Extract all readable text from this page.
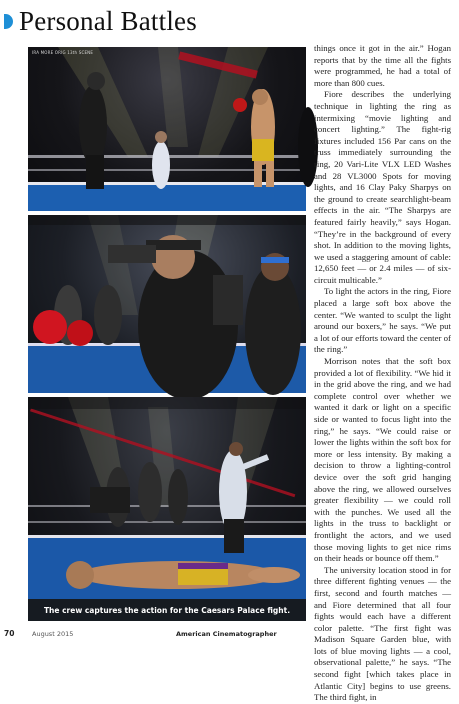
Personal Battles
IRA MORE ORIG 13th SCENE
The crew captures the action for the Caesars Palace fight.

things once it got in the air.” Hogan reports that by the time all the fights were programmed, he had a total of more than 800 cues.

Fiore describes the underlying technique in lighting the ring as intermixing “movie lighting and concert lighting.” The fight-rig fixtures included 156 Par cans on the truss immediately surrounding the ring, 20 Vari-Lite VLX LED Washes and 28 VL3000 Spots for moving lights, and 16 Clay Paky Sharpys on the ground to create searchlight-beam effects in the air. “The Sharpys are featured fairly heavily,” says Hogan. “They’re in the background of every shot. In addition to the moving lights, we used a staggering amount of cable: 12,650 feet — or 2.4 miles — of six-circuit multicable.”

To light the actors in the ring, Fiore placed a large soft box above the center. “We wanted to sculpt the light around our boxers,” he says. “We put a lot of our efforts toward the center of the ring.”

Morrison notes that the soft box provided a lot of flexibility. “We hid it in the grid above the ring, and we had complete control over whether we wanted it dark or light on a specific side or wanted to focus light into the ring,” he says. “We could raise or lower the lights within the soft box for more or less intensity. By making a decision to throw a lighting-control device over the soft grid hanging above the ring, we allowed ourselves greater flexibility — we could roll with the punches. We used all the lights in the truss to backlight or frontlight the actors, and we used those moving lights to get nice rims on their heads or bounce off them.”

The university location stood in for three different fighting venues — the first, second and fourth matches — and Fiore determined that all four fights would each have a different color palette. “The first fight was Madison Square Garden blue, with lots of blue moving lights — a cool, observational palette,” he says. “The second fight [which takes place in Atlantic City] begins to use greens. The third fight, in

70	August 2015	American Cinematographer
